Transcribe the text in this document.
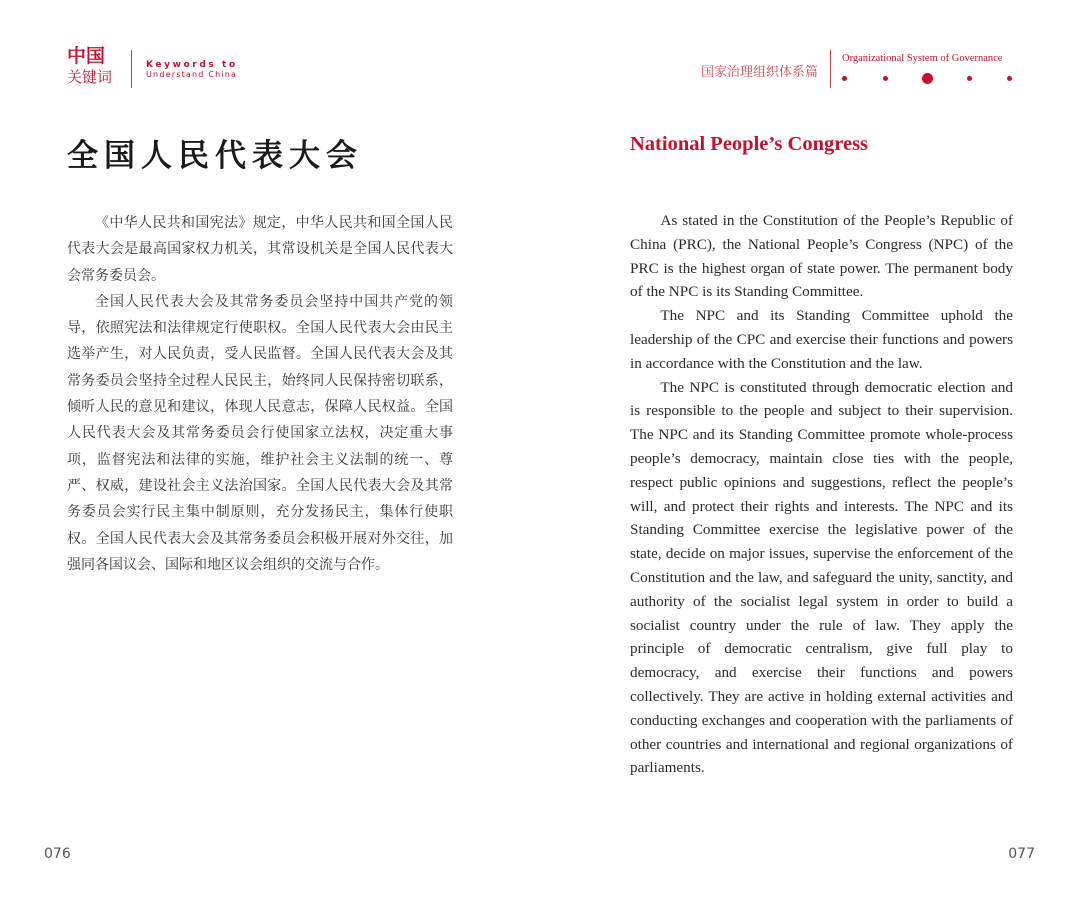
中国
关键词
Keywords to
Understand China
全国人民代表大会

《中华人民共和国宪法》规定，中华人民共和国全国人民代表大会是最高国家权力机关，其常设机关是全国人民代表大会常务委员会。

全国人民代表大会及其常务委员会坚持中国共产党的领导，依照宪法和法律规定行使职权。全国人民代表大会由民主选举产生，对人民负责，受人民监督。全国人民代表大会及其常务委员会坚持全过程人民民主，始终同人民保持密切联系，倾听人民的意见和建议，体现人民意志，保障人民权益。全国人民代表大会及其常务委员会行使国家立法权，决定重大事项，监督宪法和法律的实施，维护社会主义法制的统一、尊严、权威，建设社会主义法治国家。全国人民代表大会及其常务委员会实行民主集中制原则，充分发扬民主，集体行使职权。全国人民代表大会及其常务委员会积极开展对外交往，加强同各国议会、国际和地区议会组织的交流与合作。

076
国家治理组织体系篇
Organizational System of Governance
National People’s Congress

As stated in the Constitution of the People’s Republic of China (PRC), the National People’s Congress (NPC) of the PRC is the highest organ of state power. The permanent body of the NPC is its Standing Committee.

The NPC and its Standing Committee uphold the leadership of the CPC and exercise their functions and powers in accordance with the Constitution and the law.

The NPC is constituted through democratic election and is responsible to the people and subject to their supervision. The NPC and its Standing Committee promote whole-process people’s democracy, maintain close ties with the people, respect public opinions and suggestions, reflect the people’s will, and protect their rights and interests. The NPC and its Standing Committee exercise the legislative power of the state, decide on major issues, supervise the enforcement of the Constitution and the law, and safeguard the unity, sanctity, and authority of the socialist legal system in order to build a socialist country under the rule of law. They apply the principle of democratic centralism, give full play to democracy, and exercise their functions and powers collectively. They are active in holding external activities and conducting exchanges and cooperation with the parliaments of other countries and international and regional organizations of parliaments.

077
